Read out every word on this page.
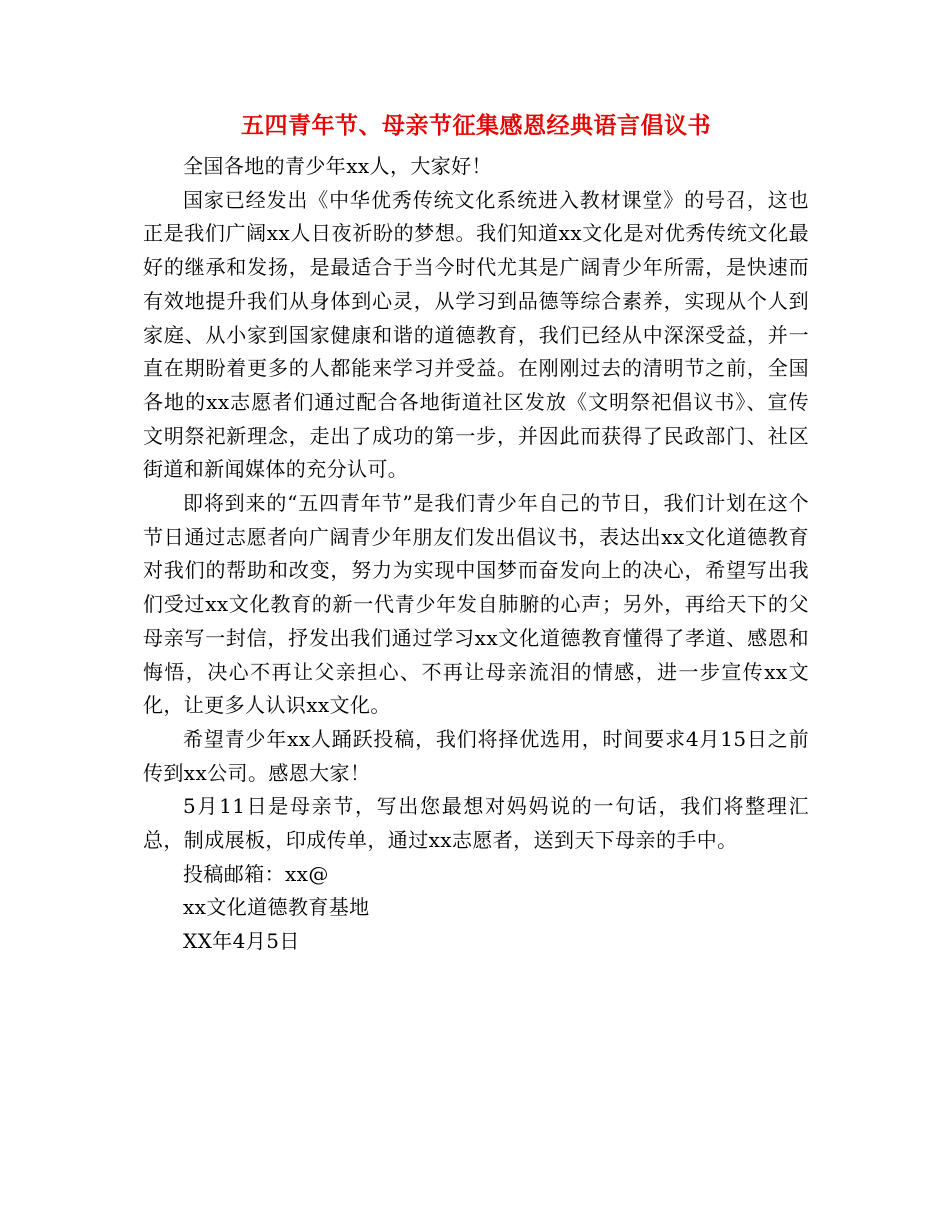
五四青年节、母亲节征集感恩经典语言倡议书

全国各地的青少年xx人，大家好！

国家已经发出《中华优秀传统文化系统进入教材课堂》的号召，这也正是我们广阔xx人日夜祈盼的梦想。我们知道xx文化是对优秀传统文化最好的继承和发扬，是最适合于当今时代尤其是广阔青少年所需，是快速而有效地提升我们从身体到心灵，从学习到品德等综合素养，实现从个人到家庭、从小家到国家健康和谐的道德教育，我们已经从中深深受益，并一直在期盼着更多的人都能来学习并受益。在刚刚过去的清明节之前，全国各地的xx志愿者们通过配合各地街道社区发放《文明祭祀倡议书》、宣传文明祭祀新理念，走出了成功的第一步，并因此而获得了民政部门、社区街道和新闻媒体的充分认可。

即将到来的“五四青年节”是我们青少年自己的节日，我们计划在这个节日通过志愿者向广阔青少年朋友们发出倡议书，表达出xx文化道德教育对我们的帮助和改变，努力为实现中国梦而奋发向上的决心，希望写出我们受过xx文化教育的新一代青少年发自肺腑的心声；另外，再给天下的父母亲写一封信，抒发出我们通过学习xx文化道德教育懂得了孝道、感恩和悔悟，决心不再让父亲担心、不再让母亲流泪的情感，进一步宣传xx文化，让更多人认识xx文化。

希望青少年xx人踊跃投稿，我们将择优选用，时间要求4月15日之前传到xx公司。感恩大家！

5月11日是母亲节，写出您最想对妈妈说的一句话，我们将整理汇总，制成展板，印成传单，通过xx志愿者，送到天下母亲的手中。

投稿邮箱：xx@

xx文化道德教育基地

XX年4月5日
